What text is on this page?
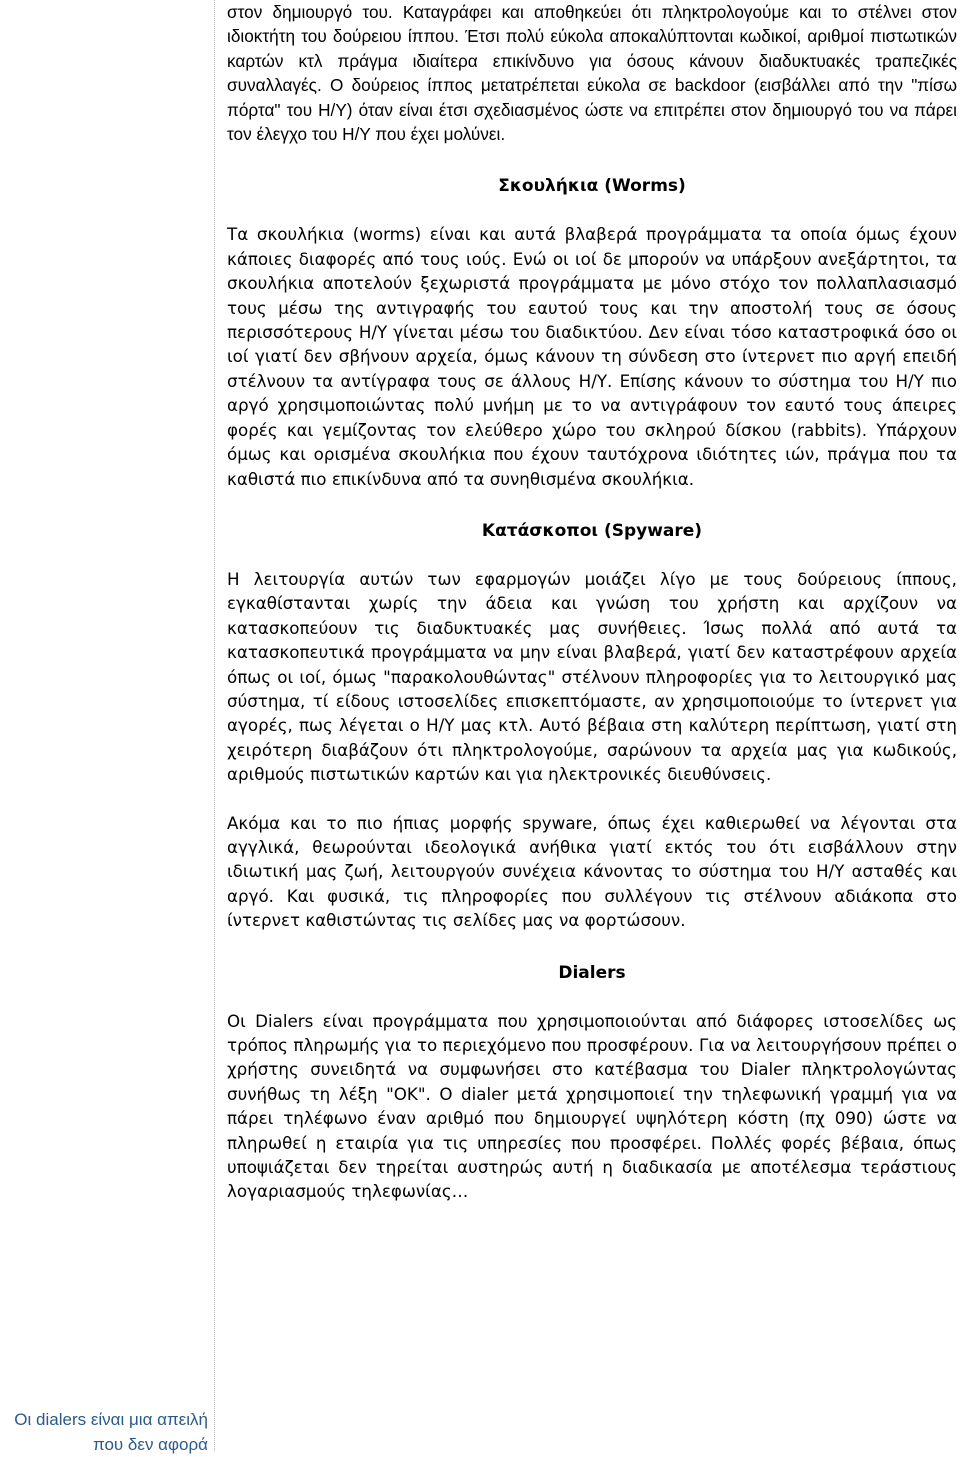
Οι dialers είναι μια απειλή που δεν αφορά

στον δημιουργό του. Καταγράφει και αποθηκεύει ότι πληκτρολογούμε και το στέλνει στον ιδιοκτήτη του δούρειου ίππου. Έτσι πολύ εύκολα αποκαλύπτονται κωδικοί, αριθμοί πιστωτικών καρτών κτλ πράγμα ιδιαίτερα επικίνδυνο για όσους κάνουν διαδυκτυακές τραπεζικές συναλλαγές. Ο δούρειος ίππος μετατρέπεται εύκολα σε backdoor (εισβάλλει από την "πίσω πόρτα" του Η/Υ) όταν είναι έτσι σχεδιασμένος ώστε να επιτρέπει στον δημιουργό του να πάρει τον έλεγχο του Η/Υ που έχει μολύνει.

Σκουλήκια (Worms)

Τα σκουλήκια (worms) είναι και αυτά βλαβερά προγράμματα τα οποία όμως έχουν κάποιες διαφορές από τους ιούς. Ενώ οι ιοί δε μπορούν να υπάρξουν ανεξάρτητοι, τα σκουλήκια αποτελούν ξεχωριστά προγράμματα με μόνο στόχο τον πολλαπλασιασμό τους μέσω της αντιγραφής του εαυτού τους και την αποστολή τους σε όσους περισσότερους Η/Υ γίνεται μέσω του διαδικτύου. Δεν είναι τόσο καταστροφικά όσο οι ιοί γιατί δεν σβήνουν αρχεία, όμως κάνουν τη σύνδεση στο ίντερνετ πιο αργή επειδή στέλνουν τα αντίγραφα τους σε άλλους Η/Υ. Επίσης κάνουν το σύστημα του Η/Υ πιο αργό χρησιμοποιώντας πολύ μνήμη με το να αντιγράφουν τον εαυτό τους άπειρες φορές και γεμίζοντας τον ελεύθερο χώρο του σκληρού δίσκου (rabbits). Υπάρχουν όμως και ορισμένα σκουλήκια που έχουν ταυτόχρονα ιδιότητες ιών, πράγμα που τα καθιστά πιο επικίνδυνα από τα συνηθισμένα σκουλήκια.

Κατάσκοποι (Spyware)

Η λειτουργία αυτών των εφαρμογών μοιάζει λίγο με τους δούρειους ίππους, εγκαθίστανται χωρίς την άδεια και γνώση του χρήστη και αρχίζουν να κατασκοπεύουν τις διαδυκτυακές μας συνήθειες. Ίσως πολλά από αυτά τα κατασκοπευτικά προγράμματα να μην είναι βλαβερά, γιατί δεν καταστρέφουν αρχεία όπως οι ιοί, όμως "παρακολουθώντας" στέλνουν πληροφορίες για το λειτουργικό μας σύστημα, τί είδους ιστοσελίδες επισκεπτόμαστε, αν χρησιμοποιούμε το ίντερνετ για αγορές, πως λέγεται ο Η/Υ μας κτλ. Αυτό βέβαια στη καλύτερη περίπτωση, γιατί στη χειρότερη διαβάζουν ότι πληκτρολογούμε, σαρώνουν τα αρχεία μας για κωδικούς, αριθμούς πιστωτικών καρτών και για ηλεκτρονικές διευθύνσεις.

Ακόμα και το πιο ήπιας μορφής spyware, όπως έχει καθιερωθεί να λέγονται στα αγγλικά, θεωρούνται ιδεολογικά ανήθικα γιατί εκτός του ότι εισβάλλουν στην ιδιωτική μας ζωή, λειτουργούν συνέχεια κάνοντας το σύστημα του Η/Υ ασταθές και αργό. Και φυσικά, τις πληροφορίες που συλλέγουν τις στέλνουν αδιάκοπα στο ίντερνετ καθιστώντας τις σελίδες μας να φορτώσουν.

Dialers

Οι Dialers είναι προγράμματα που χρησιμοποιούνται από διάφορες ιστοσελίδες ως τρόπος πληρωμής για το περιεχόμενο που προσφέρουν. Για να λειτουργήσουν πρέπει ο χρήστης συνειδητά να συμφωνήσει στο κατέβασμα του Dialer πληκτρολογώντας συνήθως τη λέξη "ΟΚ". Ο dialer μετά χρησιμοποιεί την τηλεφωνική γραμμή για να πάρει τηλέφωνο έναν αριθμό που δημιουργεί υψηλότερη κόστη (πχ 090) ώστε να πληρωθεί η εταιρία για τις υπηρεσίες που προσφέρει. Πολλές φορές βέβαια, όπως υποψιάζεται δεν τηρείται αυστηρώς αυτή η διαδικασία με αποτέλεσμα τεράστιους λογαριασμούς τηλεφωνίας…
